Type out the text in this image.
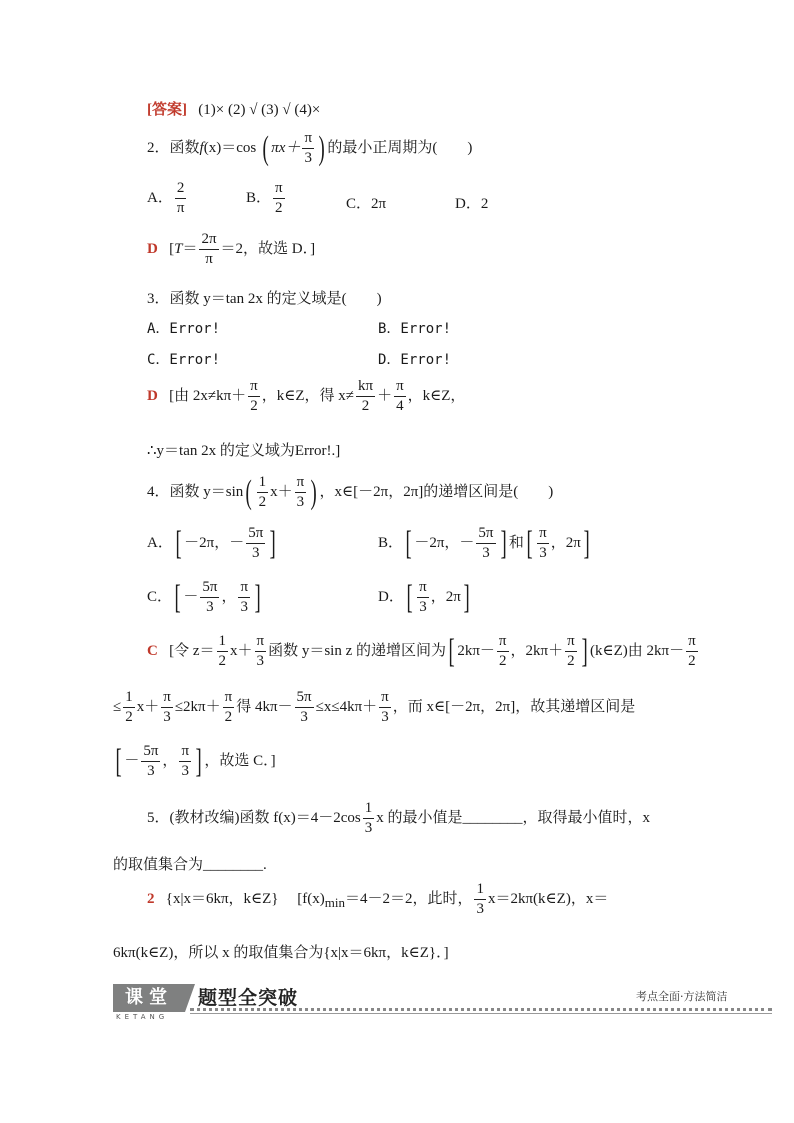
[答案] (1)× (2) √ (3) √ (4)×
2．函数f(x)＝cos ( $\pi x+ \frac{\pi}{3}$ ) 的最小正周期为(　　)
A． $\frac{2}{\pi}$	B． $\frac{\pi}{2}$	C．2π	D．2
D [$T= \frac{2\pi}{\pi} =2$，故选 D．]
3．函数 y＝tan 2x 的定义域是(　　)
A．Error!	B．Error!
C．Error!	D．Error!
D [由 $2x\ne k\pi+ \frac{\pi}{2}$ ，k∈Z，得 $x\ne \frac{k\pi}{2} + \frac{\pi}{4}$ ，k∈Z，
∴y＝tan 2x 的定义域为Error!.]
4．函数 $y=\sin( \frac{1}{2} x+ \frac{\pi}{3}$ ) ，x∈[－2π，2π]的递增区间是(　　)
A．[ －2π，－ $\frac{5\pi}{3}$ ]	B．[ －2π，－ $\frac{5\pi}{3}$ ] 和[ $\frac{\pi}{3}$ ，2π]
C．[ － $\frac{5\pi}{3}$ ， $\frac{\pi}{3}$ ]	D．[ $\frac{\pi}{3}$ ，2π]
C [令 $z= \frac{1}{2} x+ \frac{\pi}{3}$ 函数 y＝sin z 的递增区间为[ $2k\pi- \frac{\pi}{2}$ ，$2k\pi+ \frac{\pi}{2}$ ] (k∈Z)由 $2k\pi- \frac{\pi}{2}$
≤ $\frac{1}{2} x+ \frac{\pi}{3} \le 2k\pi+ \frac{\pi}{2}$ 得 $4k\pi- \frac{5\pi}{3} \le x\le 4k\pi+ \frac{\pi}{3}$ ，而 x∈[－2π，2π]，故其递增区间是
[ － $\frac{5\pi}{3}$ ， $\frac{\pi}{3}$ ] ，故选 C．]
5．(教材改编)函数 $f(x)=4-2\cos \frac{1}{3}$ x 的最小值是________，取得最小值时，x
的取值集合为________.
2 {x|x＝6kπ，k∈Z}　 [$f(x)_{min}=4-2=2$，此时， $\frac{1}{3}$ x＝2kπ(k∈Z)，x＝
6kπ(k∈Z)，所以 x 的取值集合为{x|x＝6kπ，k∈Z}．]
课堂
KETANG
题型全突破	考点全面·方法简洁
